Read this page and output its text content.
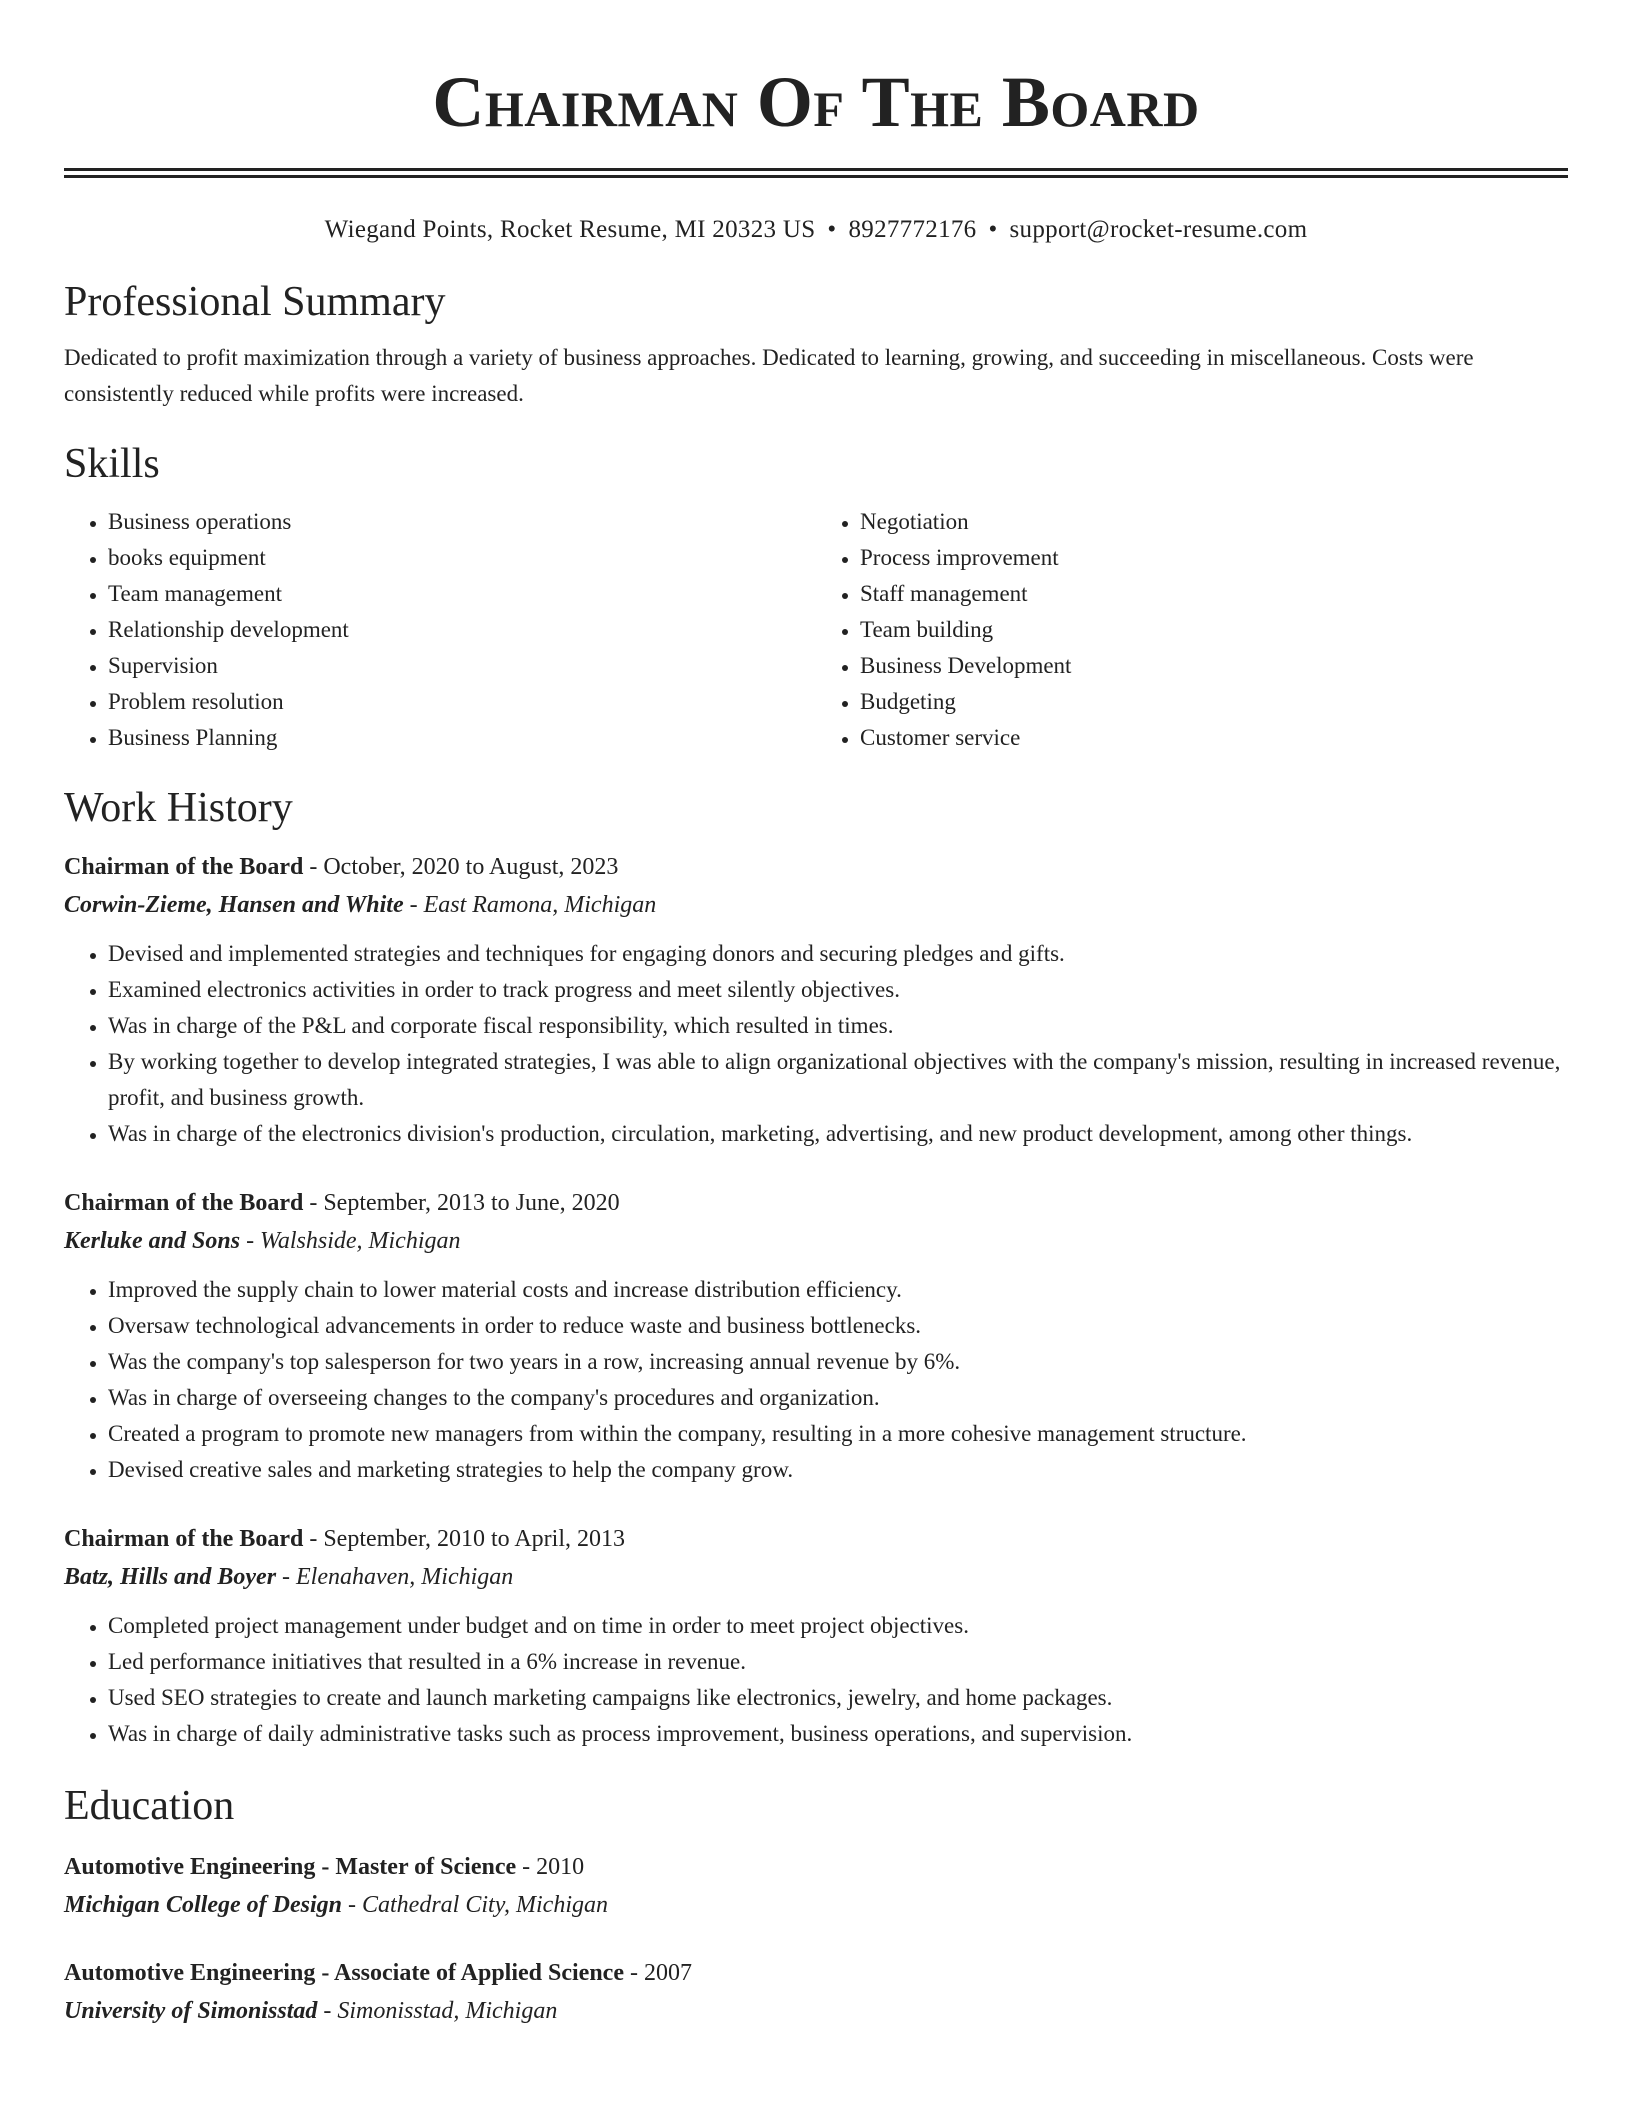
Chairman Of The Board
Wiegand Points, Rocket Resume, MI 20323 US • 8927772176 • support@rocket-resume.com
Professional Summary
Dedicated to profit maximization through a variety of business approaches. Dedicated to learning, growing, and succeeding in miscellaneous. Costs were consistently reduced while profits were increased.
Skills
• Business operations
• books equipment
• Team management
• Relationship development
• Supervision
• Problem resolution
• Business Planning
• Negotiation
• Process improvement
• Staff management
• Team building
• Business Development
• Budgeting
• Customer service
Work History
Chairman of the Board - October, 2020 to August, 2023
Corwin-Zieme, Hansen and White - East Ramona, Michigan
• Devised and implemented strategies and techniques for engaging donors and securing pledges and gifts.
• Examined electronics activities in order to track progress and meet silently objectives.
• Was in charge of the P&L and corporate fiscal responsibility, which resulted in times.
• By working together to develop integrated strategies, I was able to align organizational objectives with the company's mission, resulting in increased revenue, profit, and business growth.
• Was in charge of the electronics division's production, circulation, marketing, advertising, and new product development, among other things.
Chairman of the Board - September, 2013 to June, 2020
Kerluke and Sons - Walshside, Michigan
• Improved the supply chain to lower material costs and increase distribution efficiency.
• Oversaw technological advancements in order to reduce waste and business bottlenecks.
• Was the company's top salesperson for two years in a row, increasing annual revenue by 6%.
• Was in charge of overseeing changes to the company's procedures and organization.
• Created a program to promote new managers from within the company, resulting in a more cohesive management structure.
• Devised creative sales and marketing strategies to help the company grow.
Chairman of the Board - September, 2010 to April, 2013
Batz, Hills and Boyer - Elenahaven, Michigan
• Completed project management under budget and on time in order to meet project objectives.
• Led performance initiatives that resulted in a 6% increase in revenue.
• Used SEO strategies to create and launch marketing campaigns like electronics, jewelry, and home packages.
• Was in charge of daily administrative tasks such as process improvement, business operations, and supervision.
Education
Automotive Engineering - Master of Science - 2010
Michigan College of Design - Cathedral City, Michigan
Automotive Engineering - Associate of Applied Science - 2007
University of Simonisstad - Simonisstad, Michigan
